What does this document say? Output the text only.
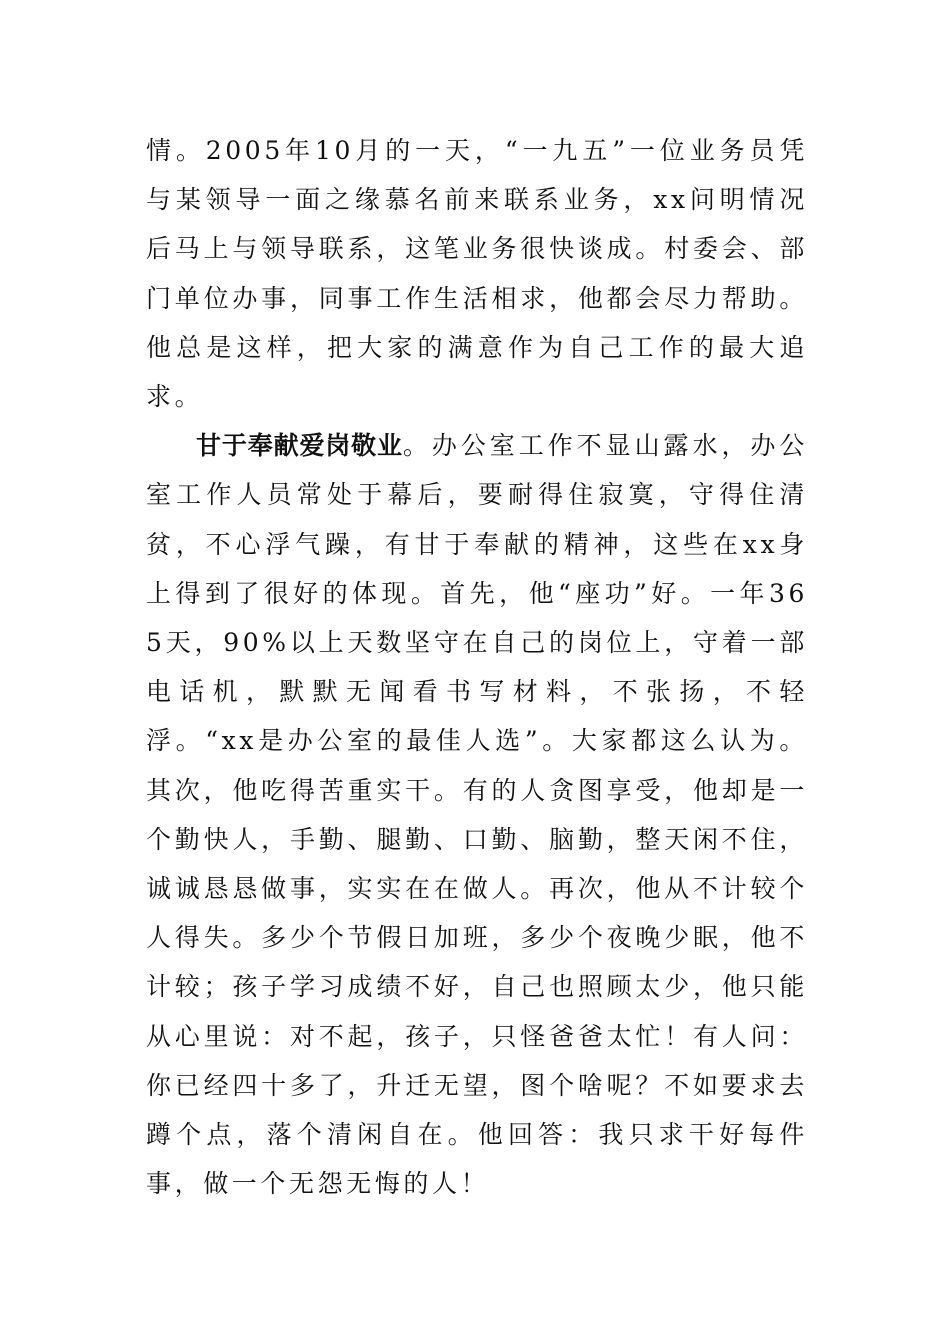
情。2005年10月的一天，“一九五”一位业务员凭与某领导一面之缘慕名前来联系业务，xx问明情况后马上与领导联系，这笔业务很快谈成。村委会、部门单位办事，同事工作生活相求，他都会尽力帮助。他总是这样，把大家的满意作为自己工作的最大追求。

甘于奉献爱岗敬业。办公室工作不显山露水，办公室工作人员常处于幕后，要耐得住寂寞，守得住清贫，不心浮气躁，有甘于奉献的精神，这些在xx身上得到了很好的体现。首先，他“座功”好。一年365天，90%以上天数坚守在自己的岗位上，守着一部电话机，默默无闻看书写材料，不张扬，不轻浮。“xx是办公室的最佳人选”。大家都这么认为。其次，他吃得苦重实干。有的人贪图享受，他却是一个勤快人，手勤、腿勤、口勤、脑勤，整天闲不住，诚诚恳恳做事，实实在在做人。再次，他从不计较个人得失。多少个节假日加班，多少个夜晚少眠，他不计较；孩子学习成绩不好，自己也照顾太少，他只能从心里说：对不起，孩子，只怪爸爸太忙！有人问：你已经四十多了，升迁无望，图个啥呢？不如要求去蹲个点，落个清闲自在。他回答：我只求干好每件事，做一个无怨无悔的人！
